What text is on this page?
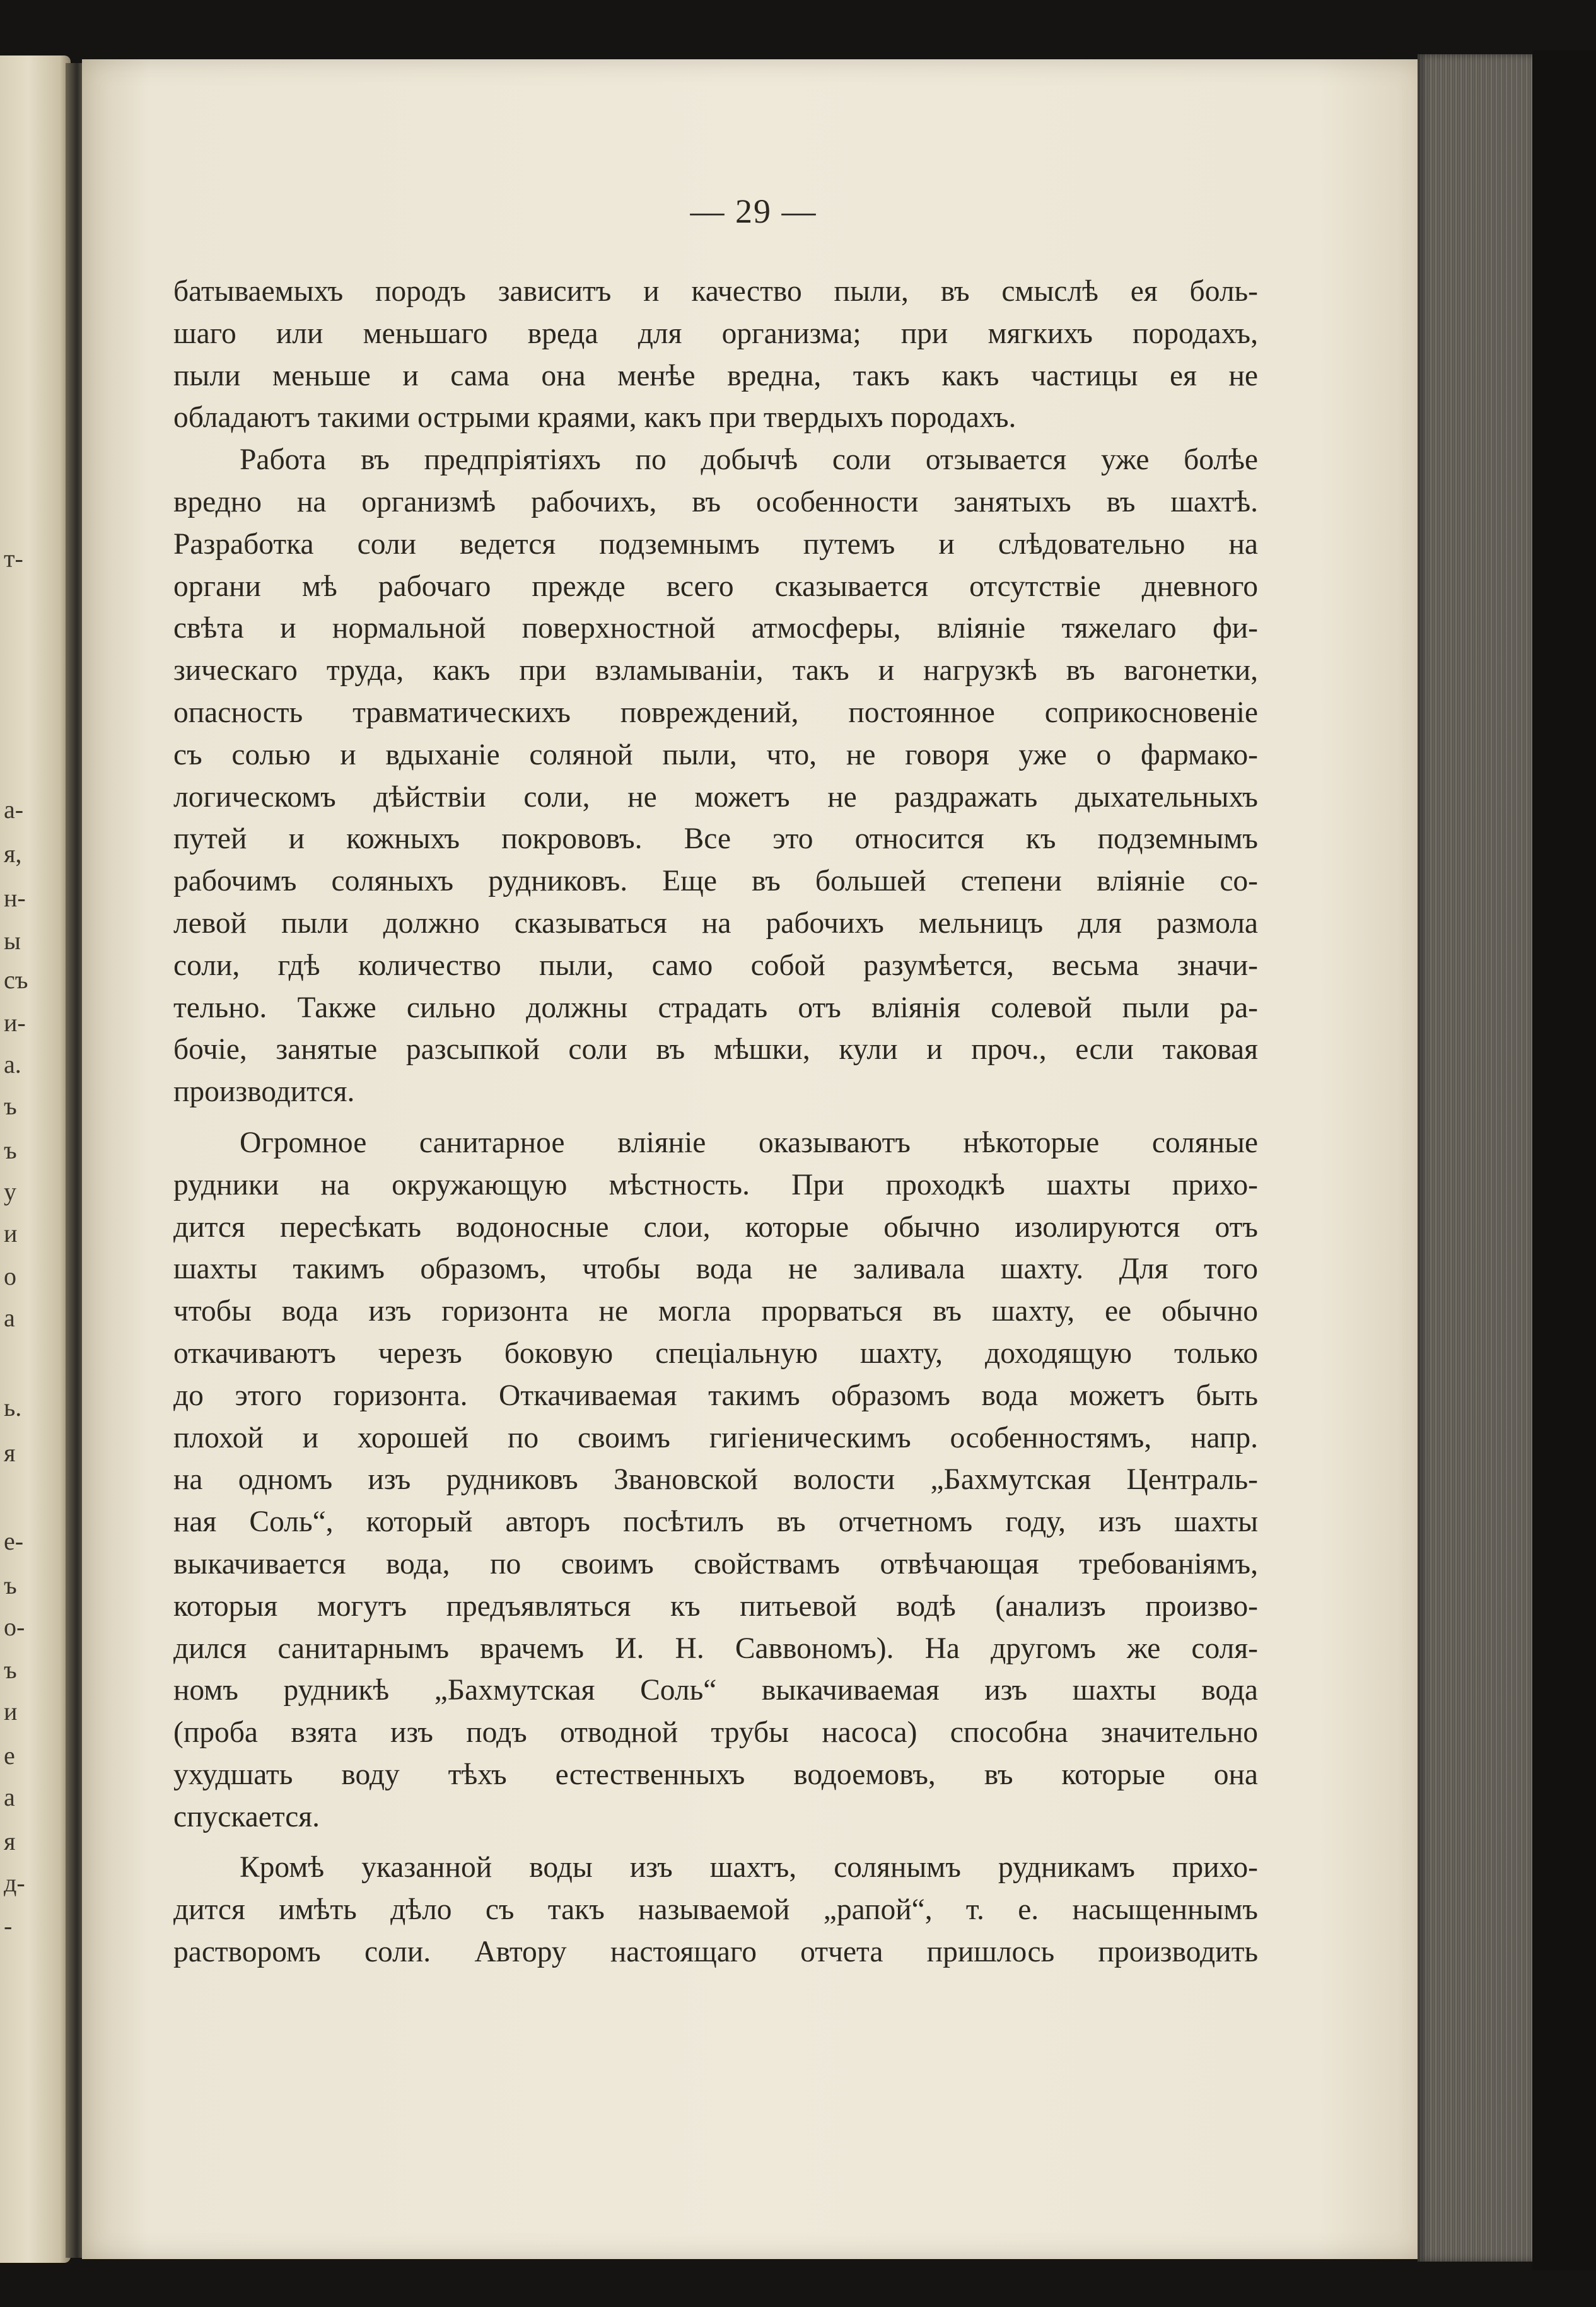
т-
а-
я,
н-
ы
съ
и-
а.
ъ
ъ
у
и
о
а
ь.
я
е-
ъ
о-
ъ
и
е
а
я
д-
-
— 29 —
батываемыхъ породъ зависитъ и качество пыли, въ смыслѣ ея боль-
шаго или меньшаго вреда для организма; при мягкихъ породахъ,
пыли меньше и сама она менѣе вредна, такъ какъ частицы ея не
обладаютъ такими острыми краями, какъ при твердыхъ породахъ.
Работа въ предпріятіяхъ по добычѣ соли отзывается уже болѣе
вредно на организмѣ рабочихъ, въ особенности занятыхъ въ шахтѣ.
Разработка соли ведется подземнымъ путемъ и слѣдовательно на
органи мѣ рабочаго прежде всего сказывается отсутствіе дневного
свѣта и нормальной поверхностной атмосферы, вліяніе тяжелаго фи-
зическаго труда, какъ при взламываніи, такъ и нагрузкѣ въ вагонетки,
опасность травматическихъ повреждений, постоянное соприкосновеніе
съ солью и вдыханіе соляной пыли, что, не говоря уже о фармако-
логическомъ дѣйствіи соли, не можетъ не раздражать дыхательныхъ
путей и кожныхъ покрововъ. Все это относится къ подземнымъ
рабочимъ соляныхъ рудниковъ. Еще въ большей степени вліяніе со-
левой пыли должно сказываться на рабочихъ мельницъ для размола
соли, гдѣ количество пыли, само собой разумѣется, весьма значи-
тельно. Также сильно должны страдать отъ вліянія солевой пыли ра-
бочіе, занятые разсыпкой соли въ мѣшки, кули и проч., если таковая
производится.
Огромное санитарное вліяніе оказываютъ нѣкоторые соляные
рудники на окружающую мѣстность. При проходкѣ шахты прихо-
дится пересѣкать водоносные слои, которые обычно изолируются отъ
шахты такимъ образомъ, чтобы вода не заливала шахту. Для того
чтобы вода изъ горизонта не могла прорваться въ шахту, ее обычно
откачиваютъ черезъ боковую спеціальную шахту, доходящую только
до этого горизонта. Откачиваемая такимъ образомъ вода можетъ быть
плохой и хорошей по своимъ гигіеническимъ особенностямъ, напр.
на одномъ изъ рудниковъ Звановской волости „Бахмутская Централь-
ная Соль“, который авторъ посѣтилъ въ отчетномъ году, изъ шахты
выкачивается вода, по своимъ свойствамъ отвѣчающая требованіямъ,
которыя могутъ предъявляться къ питьевой водѣ (анализъ произво-
дился санитарнымъ врачемъ И. Н. Саввономъ). На другомъ же соля-
номъ рудникѣ „Бахмутская Соль“ выкачиваемая изъ шахты вода
(проба взята изъ подъ отводной трубы насоса) способна значительно
ухудшать воду тѣхъ естественныхъ водоемовъ, въ которые она
спускается.
Кромѣ указанной воды изъ шахтъ, солянымъ рудникамъ прихо-
дится имѣть дѣло съ такъ называемой „рапой“, т. е. насыщеннымъ
растворомъ соли. Автору настоящаго отчета пришлось производить
